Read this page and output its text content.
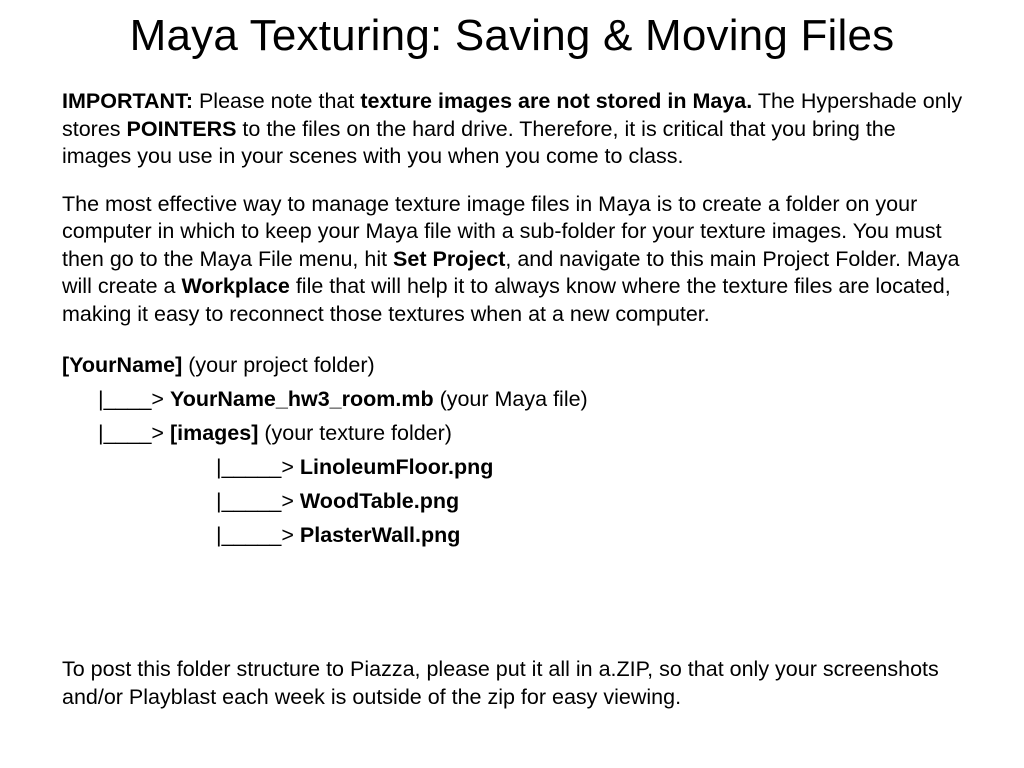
Maya Texturing: Saving & Moving Files

IMPORTANT: Please note that texture images are not stored in Maya. The Hypershade only stores POINTERS to the files on the hard drive. Therefore, it is critical that you bring the images you use in your scenes with you when you come to class.

The most effective way to manage texture image files in Maya is to create a folder on your computer in which to keep your Maya file with a sub-folder for your texture images. You must then go to the Maya File menu, hit Set Project, and navigate to this main Project Folder. Maya will create a Workplace file that will help it to always know where the texture files are located, making it easy to reconnect those textures when at a new computer.

[YourName] (your project folder)
|____> YourName_hw3_room.mb (your Maya file)
|____> [images] (your texture folder)
|_____> LinoleumFloor.png
|_____> WoodTable.png
|_____> PlasterWall.png

To post this folder structure to Piazza, please put it all in a.ZIP, so that only your screenshots and/or Playblast each week is outside of the zip for easy viewing.
